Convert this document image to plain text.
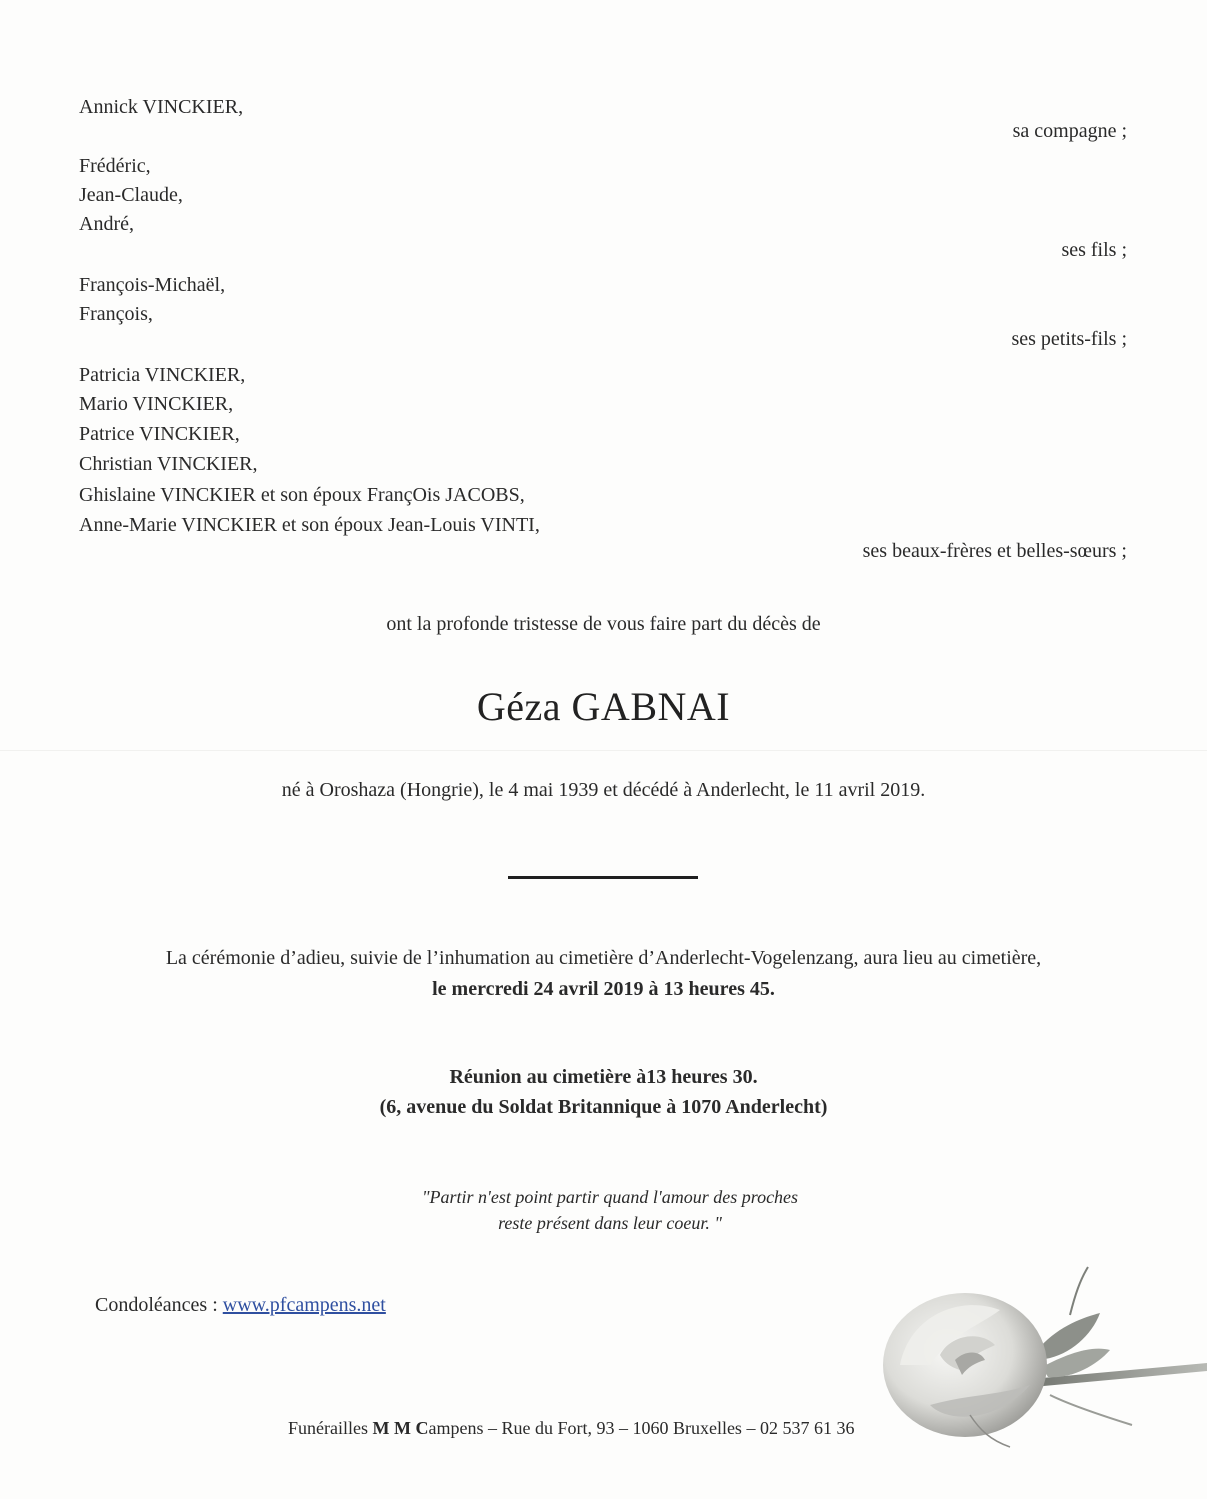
Annick VINCKIER,
sa compagne ;
Frédéric,
Jean-Claude,
André,
ses fils ;
François-Michaël,
François,
ses petits-fils ;
Patricia VINCKIER,
Mario VINCKIER,
Patrice VINCKIER,
Christian VINCKIER,
Ghislaine VINCKIER et son époux FrançOis JACOBS,
Anne-Marie VINCKIER et son époux Jean-Louis VINTI,
ses beaux-frères et belles-sœurs ;
ont la profonde tristesse de vous faire part du décès de
Géza GABNAI
né à Oroshaza (Hongrie), le 4 mai 1939 et décédé à Anderlecht, le 11 avril 2019.
La cérémonie d’adieu, suivie de l’inhumation au cimetière d’Anderlecht-Vogelenzang, aura lieu au cimetière,
le mercredi 24 avril 2019 à 13 heures 45.
Réunion au cimetière à13 heures 30.
(6, avenue du Soldat Britannique à 1070 Anderlecht)
"Partir n'est point partir quand l'amour des proches
reste présent dans leur coeur. "
Condoléances : www.pfcampens.net
Funérailles M M Campens – Rue du Fort, 93 – 1060 Bruxelles – 02 537 61 36
